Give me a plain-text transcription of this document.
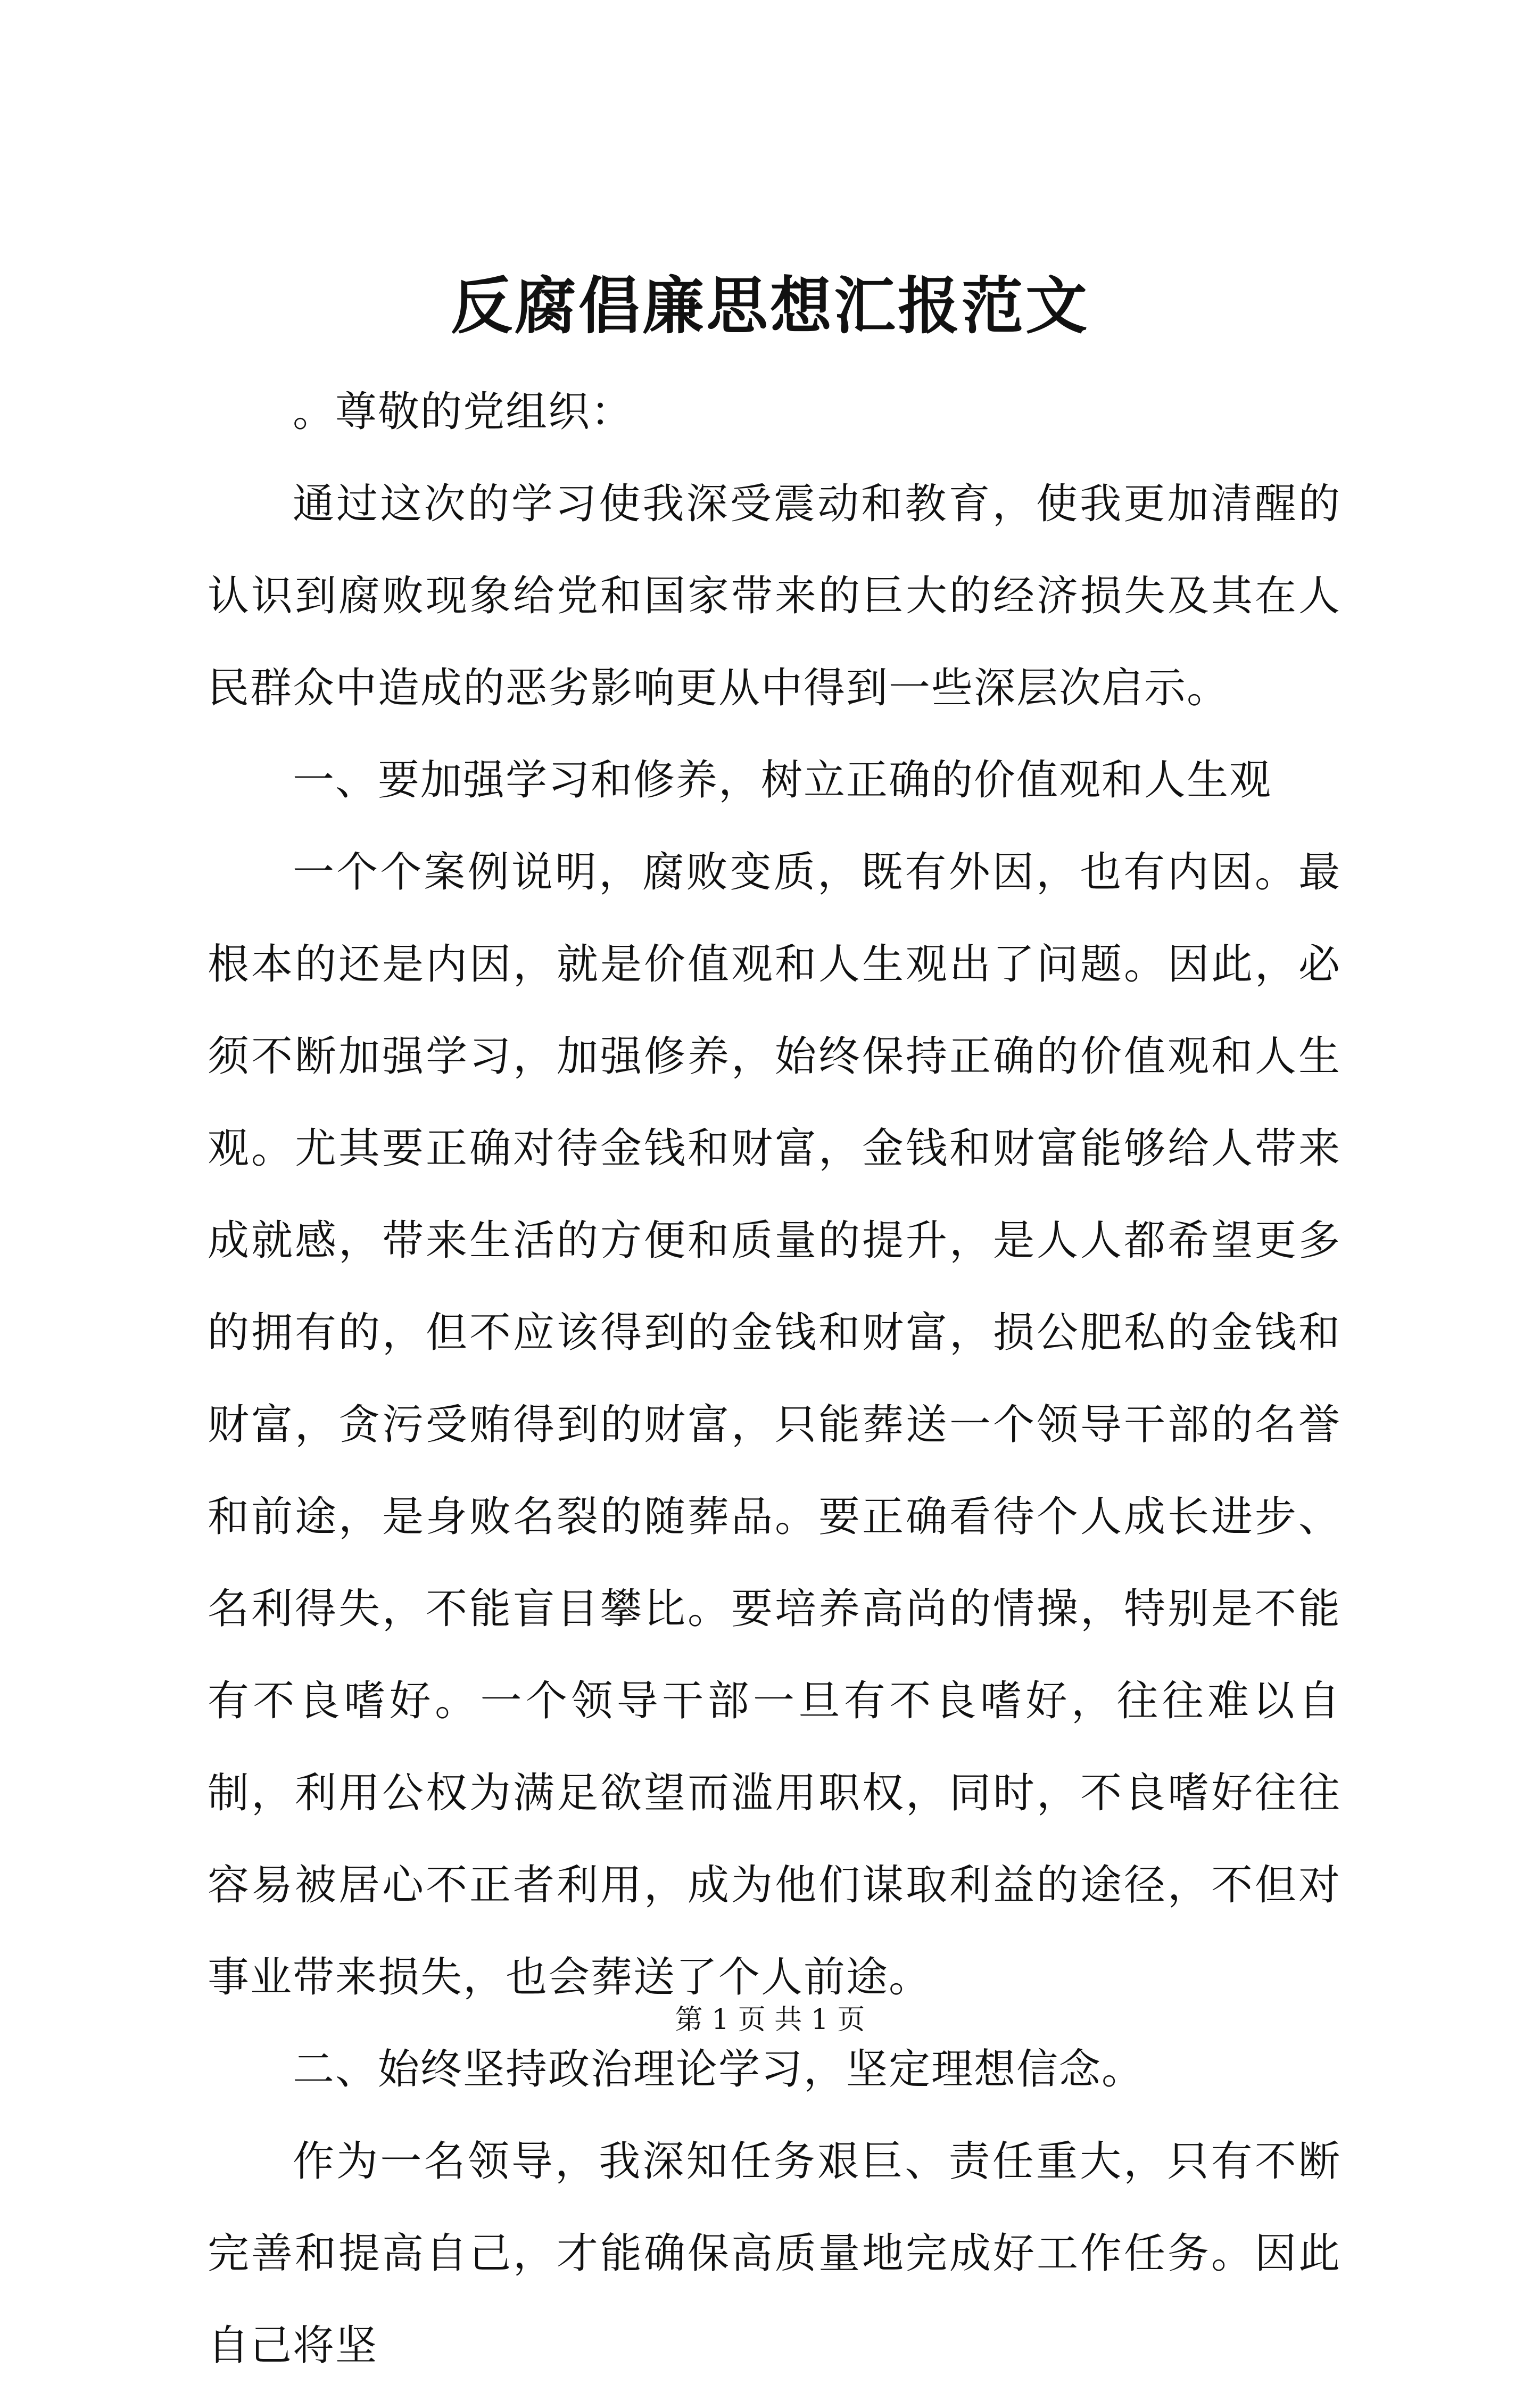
反腐倡廉思想汇报范文

。尊敬的党组织：

通过这次的学习使我深受震动和教育，使我更加清醒的认识到腐败现象给党和国家带来的巨大的经济损失及其在人民群众中造成的恶劣影响更从中得到一些深层次启示。

一、要加强学习和修养，树立正确的价值观和人生观

一个个案例说明，腐败变质，既有外因，也有内因。最根本的还是内因，就是价值观和人生观出了问题。因此，必须不断加强学习，加强修养，始终保持正确的价值观和人生观。尤其要正确对待金钱和财富，金钱和财富能够给人带来成就感，带来生活的方便和质量的提升，是人人都希望更多的拥有的，但不应该得到的金钱和财富，损公肥私的金钱和财富，贪污受贿得到的财富，只能葬送一个领导干部的名誉和前途，是身败名裂的随葬品。要正确看待个人成长进步、名利得失，不能盲目攀比。要培养高尚的情操，特别是不能有不良嗜好。一个领导干部一旦有不良嗜好，往往难以自制，利用公权为满足欲望而滥用职权，同时，不良嗜好往往容易被居心不正者利用，成为他们谋取利益的途径，不但对事业带来损失，也会葬送了个人前途。

二、始终坚持政治理论学习，坚定理想信念。

作为一名领导，我深知任务艰巨、责任重大，只有不断完善和提高自己，才能确保高质量地完成好工作任务。因此自己将坚

第 1 页 共 1 页
